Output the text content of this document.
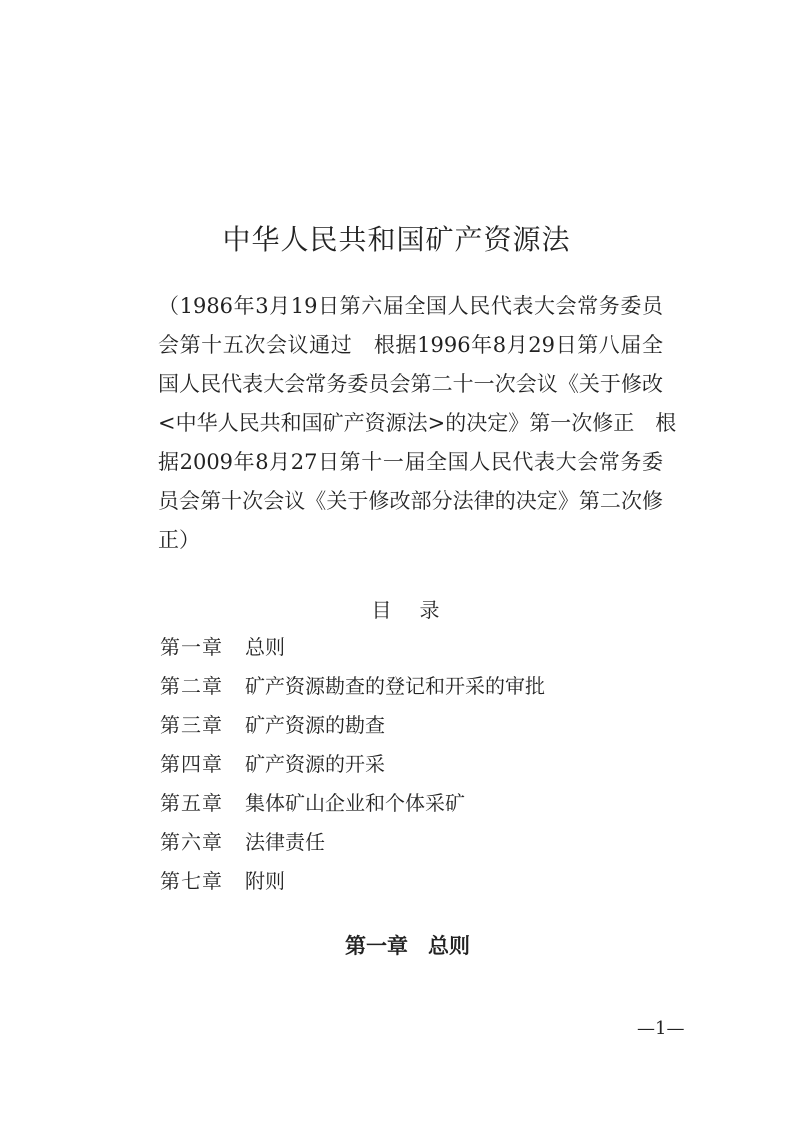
中华人民共和国矿产资源法
（1986年3月19日第六届全国人民代表大会常务委员
会第十五次会议通过　根据1996年8月29日第八届全
国人民代表大会常务委员会第二十一次会议《关于修改
<中华人民共和国矿产资源法>的决定》第一次修正　根
据2009年8月27日第十一届全国人民代表大会常务委
员会第十次会议《关于修改部分法律的决定》第二次修
正）
目 录
第一章	总则
第二章	矿产资源勘查的登记和开采的审批
第三章	矿产资源的勘查
第四章	矿产资源的开采
第五章	集体矿山企业和个体采矿
第六章	法律责任
第七章	附则
第一章 总则
—1—
